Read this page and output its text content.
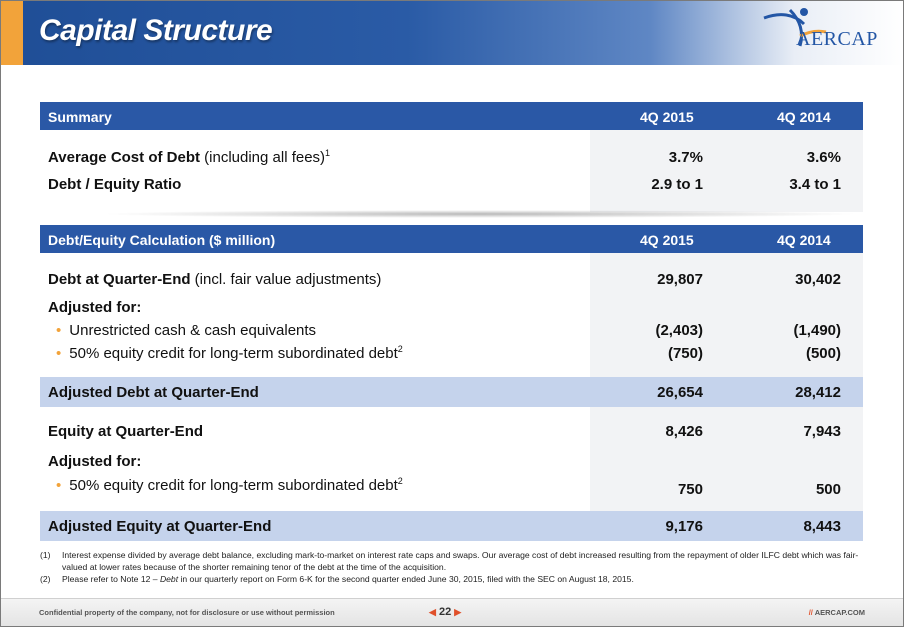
Capital Structure	AERCAP
Summary	4Q 2015	4Q 2014
Average Cost of Debt (including all fees)$^1$	3.7%	3.6%
Debt / Equity Ratio	2.9 to 1	3.4 to 1
Debt/Equity Calculation ($ million)	4Q 2015	4Q 2014
Debt at Quarter-End (incl. fair value adjustments)	29,807	30,402
Adjusted for:
• Unrestricted cash & cash equivalents	(2,403)	(1,490)
• 50% equity credit for long-term subordinated debt$^2$	(750)	(500)
Adjusted Debt at Quarter-End	26,654	28,412
Equity at Quarter-End	8,426	7,943
Adjusted for:
• 50% equity credit for long-term subordinated debt$^2$	750	500
Adjusted Equity at Quarter-End	9,176	8,443
(1) Interest expense divided by average debt balance, excluding mark-to-market on interest rate caps and swaps. Our average cost of debt increased resulting from the repayment of older ILFC debt which was fair-valued at lower rates because of the shorter remaining tenor of the debt at the time of the acquisition.
(2) Please refer to Note 12 – Debt in our quarterly report on Form 6-K for the second quarter ended June 30, 2015, filed with the SEC on August 18, 2015.
Confidential property of the company, not for disclosure or use without permission	◀ 22 ▶	// AERCAP.COM
